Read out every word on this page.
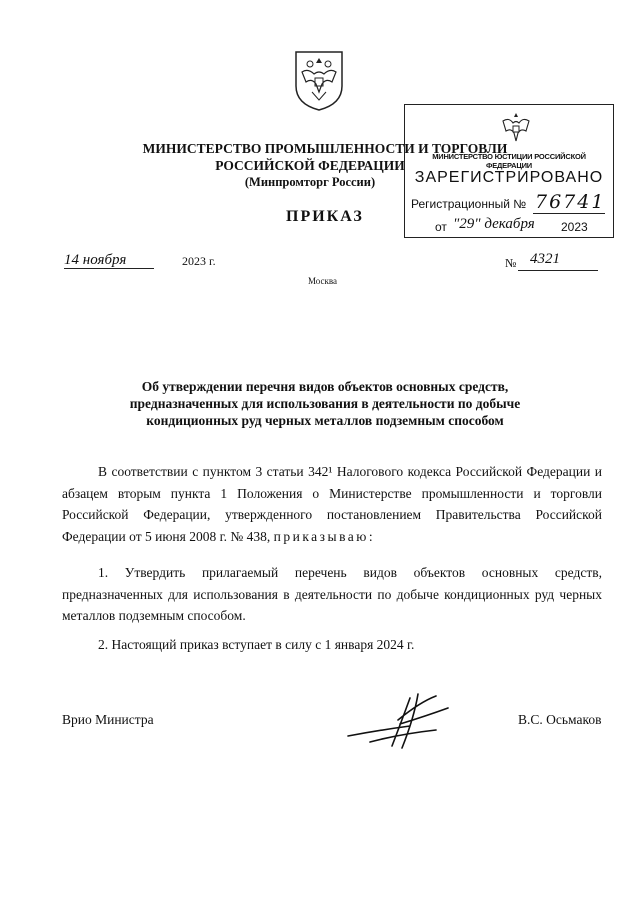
МИНИСТЕРСТВО ПРОМЫШЛЕННОСТИ И ТОРГОВЛИ
РОССИЙСКОЙ ФЕДЕРАЦИИ
(Минпромторг России)
МИНИСТЕРСТВО ЮСТИЦИИ РОССИЙСКОЙ ФЕДЕРАЦИИ
ЗАРЕГИСТРИРОВАНО
Регистрационный № 76741
от "29" декабря 2023
ПРИКАЗ
14 ноября	2023 г.	№ 4321
Москва
Об утверждении перечня видов объектов основных средств, предназначенных для использования в деятельности по добыче кондиционных руд черных металлов подземным способом
В соответствии с пунктом 3 статьи 342¹ Налогового кодекса Российской Федерации и абзацем вторым пункта 1 Положения о Министерстве промышленности и торговли Российской Федерации, утвержденного постановлением Правительства Российской Федерации от 5 июня 2008 г. № 438, приказываю:
1. Утвердить прилагаемый перечень видов объектов основных средств, предназначенных для использования в деятельности по добыче кондиционных руд черных металлов подземным способом.
2. Настоящий приказ вступает в силу с 1 января 2024 г.
Врио Министра	В.С. Осьмаков
